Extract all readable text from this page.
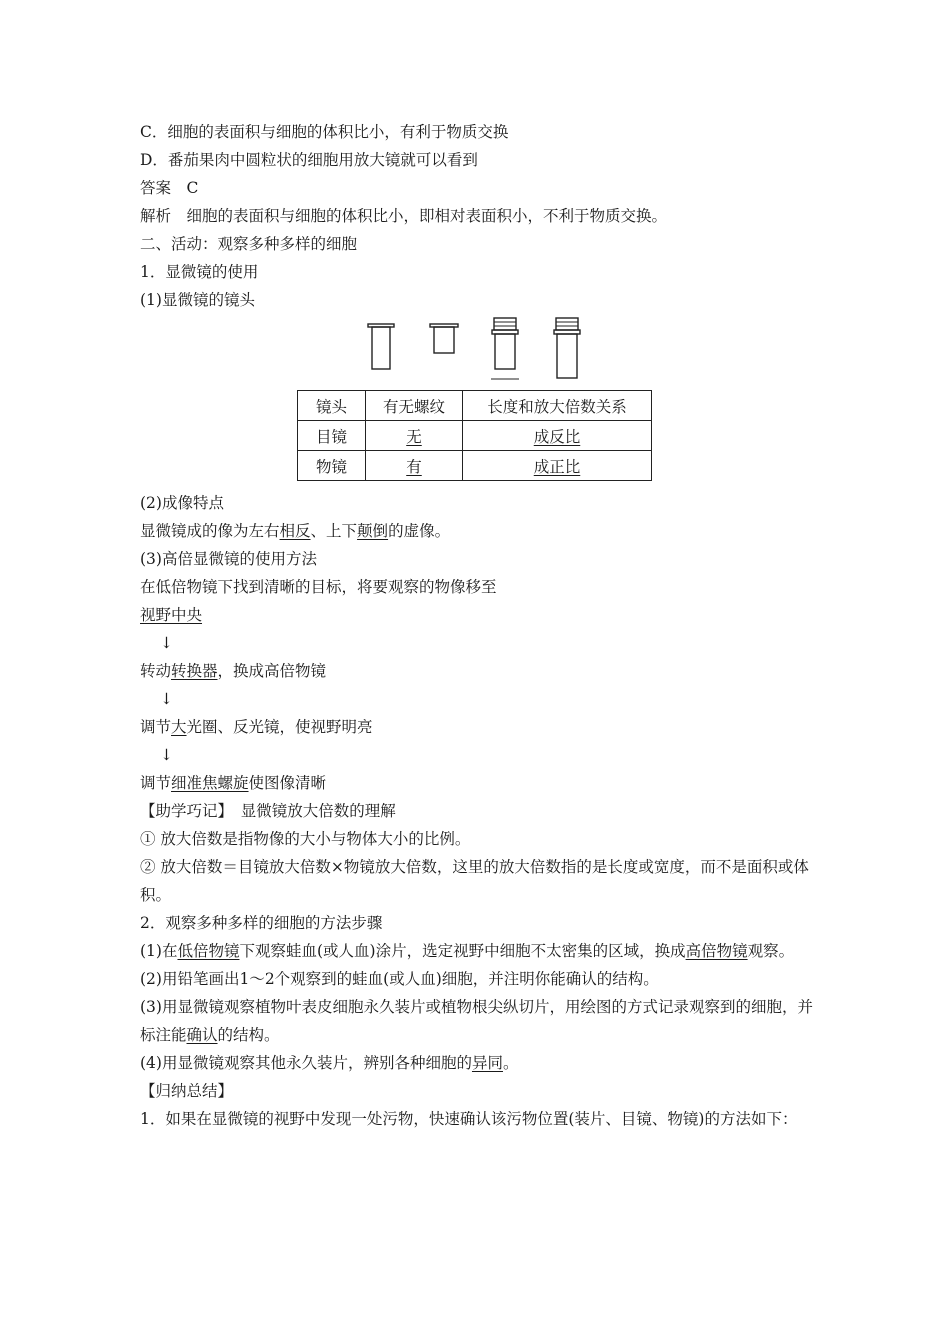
C．细胞的表面积与细胞的体积比小，有利于物质交换
D．番茄果肉中圆粒状的细胞用放大镜就可以看到
答案　C
解析　细胞的表面积与细胞的体积比小，即相对表面积小，不利于物质交换。
二、活动：观察多种多样的细胞
1．显微镜的使用
(1)显微镜的镜头
镜头	有无螺纹	长度和放大倍数关系
目镜	无	成反比
物镜	有	成正比
(2)成像特点
显微镜成的像为左右相反、上下颠倒的虚像。
(3)高倍显微镜的使用方法
在低倍物镜下找到清晰的目标，将要观察的物像移至
视野中央
↓
转动转换器，换成高倍物镜
↓
调节大光圈、反光镜，使视野明亮
↓
调节细准焦螺旋使图像清晰
【助学巧记】　显微镜放大倍数的理解
① 放大倍数是指物像的大小与物体大小的比例。
② 放大倍数＝目镜放大倍数×物镜放大倍数，这里的放大倍数指的是长度或宽度，而不是面积或体积。
2．观察多种多样的细胞的方法步骤
(1)在低倍物镜下观察蛙血(或人血)涂片，选定视野中细胞不太密集的区域，换成高倍物镜观察。
(2)用铅笔画出1～2个观察到的蛙血(或人血)细胞，并注明你能确认的结构。
(3)用显微镜观察植物叶表皮细胞永久装片或植物根尖纵切片，用绘图的方式记录观察到的细胞，并标注能确认的结构。
(4)用显微镜观察其他永久装片，辨别各种细胞的异同。
【归纳总结】
1．如果在显微镜的视野中发现一处污物，快速确认该污物位置(装片、目镜、物镜)的方法如下：
